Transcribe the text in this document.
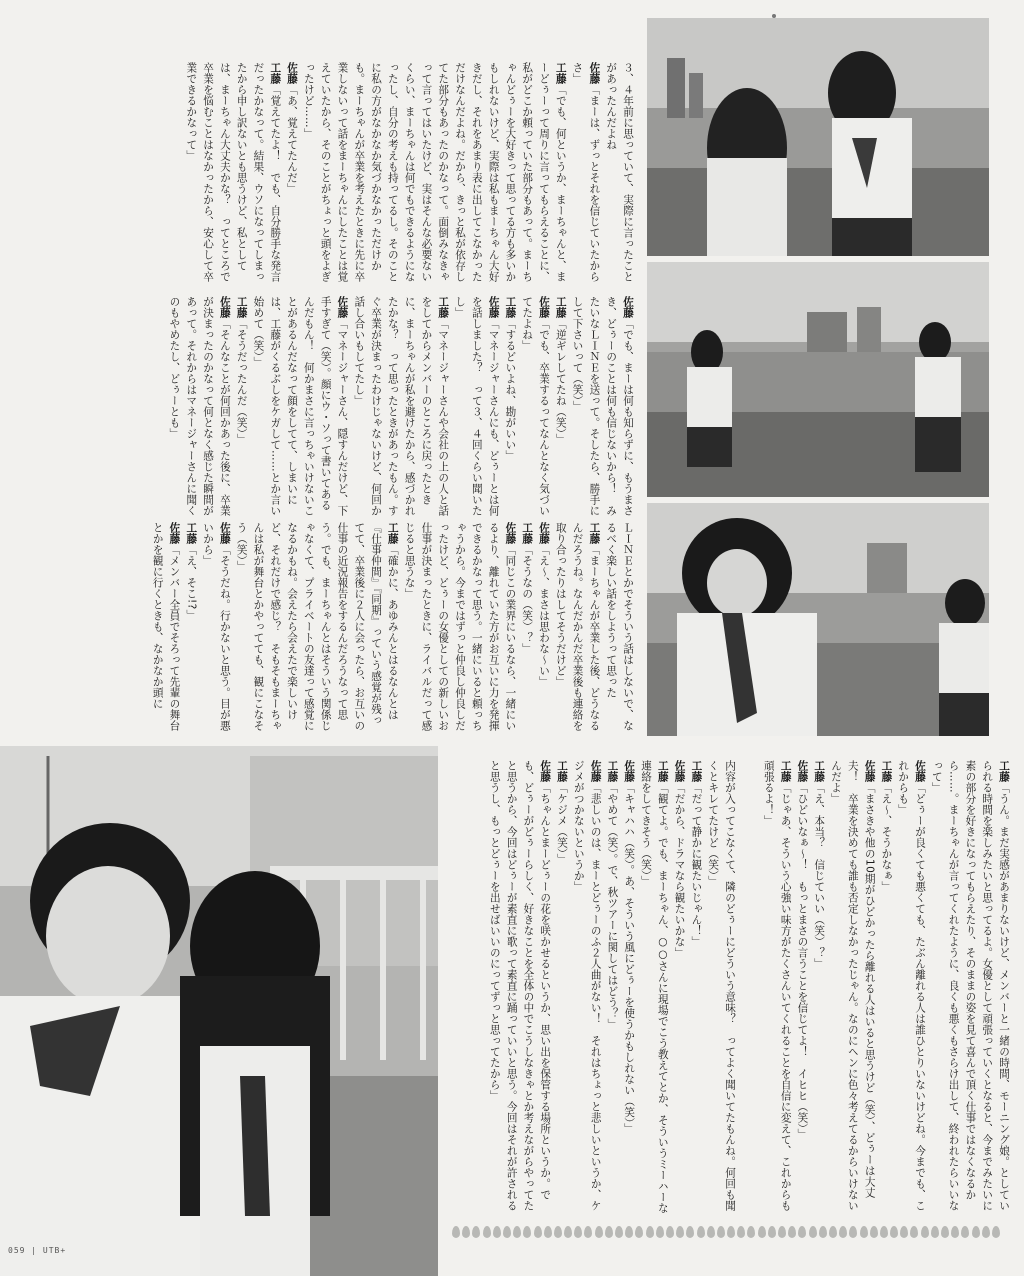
３、４年前に思っていて、実際に言ったことがあったんだよね
佐藤「まーは、ずっとそれを信じていたからさ」
工藤「でも、何というか、まーちゃんと、まーどぅーって周りに言ってもらえることに、私がどこか頼っていた部分もあって。まーちゃんどぅーを大好きって思ってる方も多いかもしれないけど、実際は私もまーちゃん大好きだし、それをあまり表に出してこなかっただけなんだよね。だから、きっと私が依存してた部分もあったのかなって。面倒みなきゃって言ってはいたけど、実はそんな必要ないくらい、まーちゃんは何でもできるようになったし、自分の考えも持ってるし。そのことに私の方がなかなか気づかなかっただけかも。まーちゃんが卒業を考えたときに先に卒業しないって話をまーちゃんにしたことは覚えていたから、そのことがちょっと頭をよぎったけど……」
佐藤「あ、覚えてたんだ」
工藤「覚えてたよ！　でも、自分勝手な発言だったかなって。結果、ウソになってしまったから申し訳ないとも思うけど、私としては、まーちゃん大丈夫かな？　ってところで卒業を悩むことはなかったから、安心して卒業できるかなって」
佐藤「でも、まーは何も知らずに、もうまさき、どぅーのことは何も信じないから！　みたいなＬＩＮＥを送って。そしたら、勝手にして下さいって（笑）」
工藤「逆ギレしてたね（笑）」
佐藤「でも、卒業するってなんとなく気づいてたよね」
工藤「するどいよね、勘がいい」
佐藤「マネージャーさんにも、どぅーとは何を話しました？　って３、４回くらい聞いたし」
工藤「マネージャーさんや会社の上の人と話をしてからメンバーのところに戻ったときに、まーちゃんが私を避けたから、感づかれたかな？　って思ったときがあったもん。すぐ卒業が決まったわけじゃないけど、何回か話し合いもしてたし」
佐藤「マネージャーさん、隠すんだけど、下手すぎて（笑）。顔にウ・ソって書いてあるんだもん！　何かまさに言っちゃいけないことがあるんだなって顔をしてて、しまいには、工藤がくるぶしをケガして……とか言い始めて（笑）」
工藤「そうだったんだ（笑）」
佐藤「そんなことが何回かあった後に、卒業が決まったのかなって何となく感じた瞬間があって。それからはマネージャーさんに聞くのもやめたし、どぅーとも」
ＬＩＮＥとかでそういう話はしないで、なるべく楽しい話をしようって思った
工藤「まーちゃんが卒業した後、どうなるんだろうね。なんだかんだ卒業後も連絡を取り合ったりはしてそうだけど」
佐藤「え～、まさは思わな～い」
工藤「そうなの（笑）？」
佐藤「同じこの業界にいるなら、一緒にいるより、離れていた方がお互いに力を発揮できるかなって思う。一緒にいると頼っちゃうから。今まではずっと仲良し仲良しだったけど、どぅーの女優としての新しいお仕事が決まったときに、ライバルだって感じると思うな」
工藤「確かに、あゆみんとはるなんとは『仕事仲間』『同期』っていう感覚が残ってて、卒業後に２人に会ったら、お互いの仕事の近況報告をするんだろうなって思う。でも、まーちゃんとはそういう関係じゃなくて、プライベートの友達って感覚になるかもね。会えたら会えたで楽しいけど、それだけで感じ？　そもそもまーちゃんは私が舞台とかやってても、観にこなそう（笑）」
佐藤「そうだね。行かないと思う。目が悪いから」
工藤「え、そこ!?」
佐藤「メンバー全員でそろって先輩の舞台とかを観に行くときも、なかなか頭に
内容が入ってこなくて、隣のどぅーにどういう意味？　ってよく聞いてたもんね。何回も聞くとキレてたけど（笑）」
工藤「だって静かに観たいじゃん！」
佐藤「だから、ドラマなら観たいかな」
工藤「観てよ。でも、まーちゃん、○○さんに現場でこう教えてとか、そういうミーハーな連絡をしてきそう（笑）」
佐藤「キャハハ（笑）。あ、そういう風にどぅーを使うかもしれない（笑）」
工藤「やめて（笑）。で、秋ツアーに関してはどう？」
佐藤「悲しいのは、まーとどぅーのふ２人曲がない！　それはちょっと悲しいというか、ケジメがつかないというか」
工藤「ケジメ（笑）」
佐藤「ちゃんとまーどぅーの花を咲かせるというか、思い出を保管する場所というか。でも、どぅーがどぅーらしく、好きなことを全体の中でこうしなきゃとか考えながらやってたと思うから、今回はどぅーが素直に歌って素直に踊っていいと思う。今回はそれが許されると思うし、もっとどぅーを出せばいいのにってずっと思ってたから」	工藤「うん。まだ実感があまりないけど、メンバーと一緒の時間、モーニング娘。としていられる時間を楽しみたいと思ってるよ。女優として頑張っていくとなると、今までみたいに素の部分を好きになってもらえたり、そのままの姿を見て喜んで頂く仕事ではなくなるから……。まーちゃんが言ってくれたように、良くも悪くもさらけ出して、終われたらいいなって」
佐藤「どぅーが良くても悪くても、たぶん離れる人は誰ひとりいないけどね。今までも、これからも」
工藤「え～、そうかなぁ」
佐藤「まさきや他の10期がひどかったら離れる人はいると思うけど（笑）、どぅーは大丈夫！　卒業を決めても誰も否定しなかったじゃん。なのにヘンに色々考えてるからいけないんだよ」
工藤「え、本当？　信じていい（笑）？」
佐藤「ひどいなぁ～！　もっとまさの言うことを信じてよ！　イヒヒ（笑）」
工藤「じゃあ、そういう心強い味方がたくさんいてくれることを自信に変えて、これからも頑張るよ！」
059 | UTB+
